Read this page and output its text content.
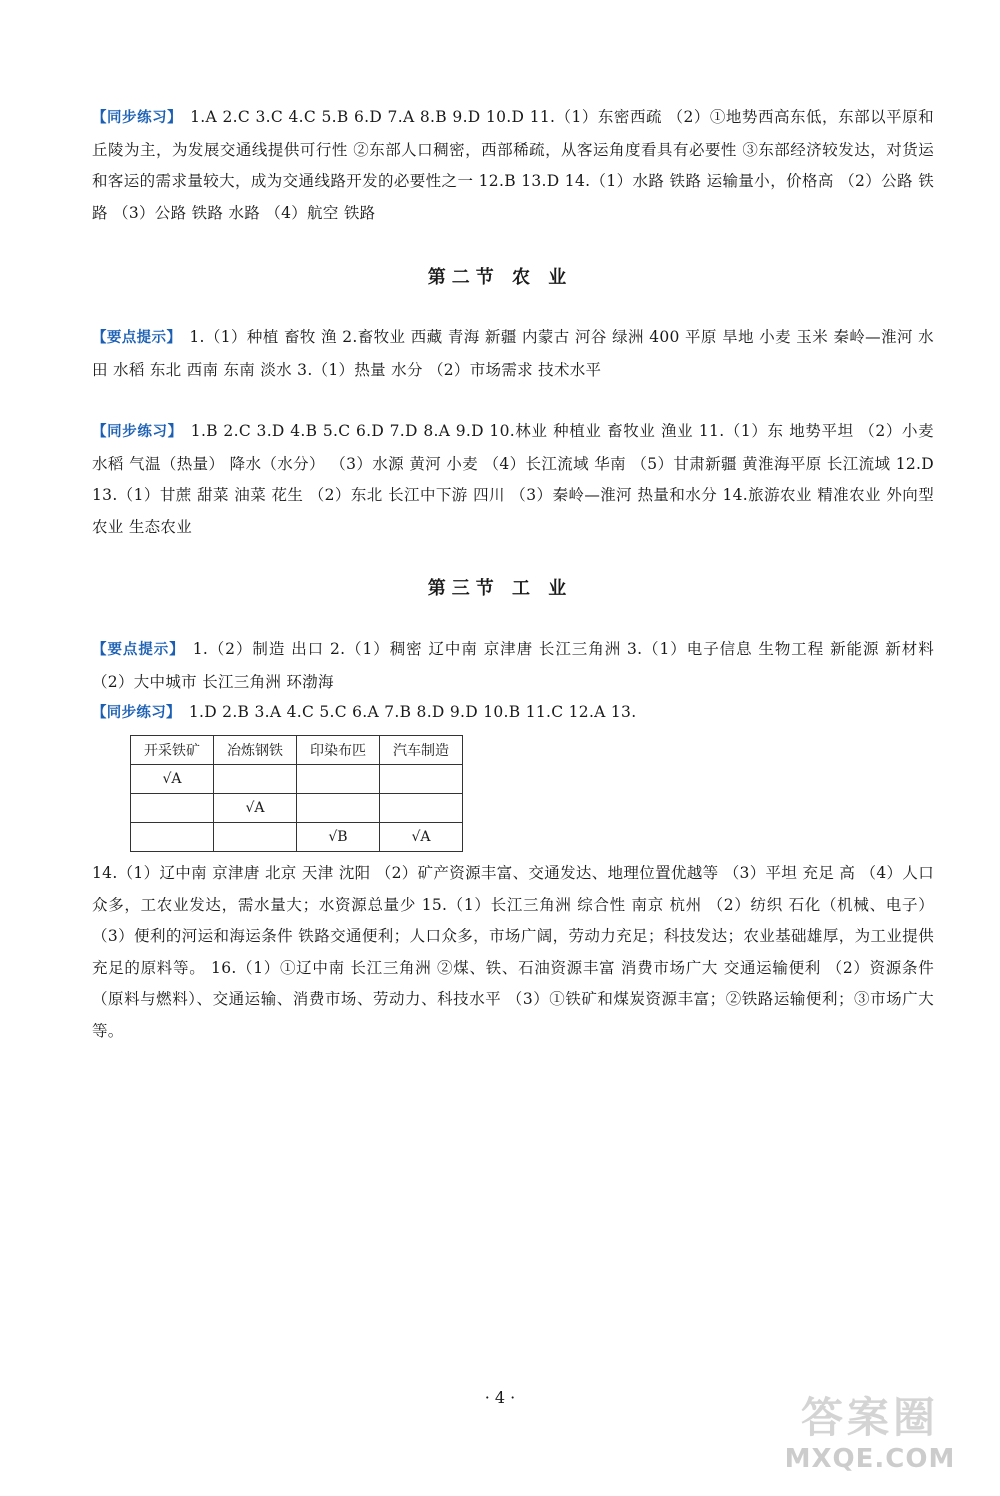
【同步练习】 1.A 2.C 3.C 4.C 5.B 6.D 7.A 8.B 9.D 10.D 11.（1）东密西疏 （2）①地势西高东低，东部以平原和丘陵为主，为发展交通线提供可行性 ②东部人口稠密，西部稀疏，从客运角度看具有必要性 ③东部经济较发达，对货运和客运的需求量较大，成为交通线路开发的必要性之一 12.B 13.D 14.（1）水路 铁路 运输量小，价格高 （2）公路 铁路 （3）公路 铁路 水路 （4）航空 铁路
第二节 农 业
【要点提示】 1.（1）种植 畜牧 渔 2.畜牧业 西藏 青海 新疆 内蒙古 河谷 绿洲 400 平原 旱地 小麦 玉米 秦岭—淮河 水田 水稻 东北 西南 东南 淡水 3.（1）热量 水分 （2）市场需求 技术水平
【同步练习】 1.B 2.C 3.D 4.B 5.C 6.D 7.D 8.A 9.D 10.林业 种植业 畜牧业 渔业 11.（1）东 地势平坦 （2）小麦 水稻 气温（热量） 降水（水分） （3）水源 黄河 小麦 （4）长江流域 华南 （5）甘肃新疆 黄淮海平原 长江流域 12.D 13.（1）甘蔗 甜菜 油菜 花生 （2）东北 长江中下游 四川 （3）秦岭—淮河 热量和水分 14.旅游农业 精准农业 外向型农业 生态农业
第三节 工 业
【要点提示】 1.（2）制造 出口 2.（1）稠密 辽中南 京津唐 长江三角洲 3.（1）电子信息 生物工程 新能源 新材料 （2）大中城市 长江三角洲 环渤海
【同步练习】 1.D 2.B 3.A 4.C 5.C 6.A 7.B 8.D 9.D 10.B 11.C 12.A 13.
开采铁矿	冶炼钢铁	印染布匹	汽车制造
√A			
	√A		
		√B	√A
14.（1）辽中南 京津唐 北京 天津 沈阳 （2）矿产资源丰富、交通发达、地理位置优越等 （3）平坦 充足 高 （4）人口众多，工农业发达，需水量大；水资源总量少 15.（1）长江三角洲 综合性 南京 杭州 （2）纺织 石化（机械、电子） （3）便利的河运和海运条件 铁路交通便利；人口众多，市场广阔，劳动力充足；科技发达；农业基础雄厚，为工业提供充足的原料等。 16.（1）①辽中南 长江三角洲 ②煤、铁、石油资源丰富 消费市场广大 交通运输便利 （2）资源条件（原料与燃料）、交通运输、消费市场、劳动力、科技水平 （3）①铁矿和煤炭资源丰富；②铁路运输便利；③市场广大等。
· 4 ·	答案圈
MXQE.COM
